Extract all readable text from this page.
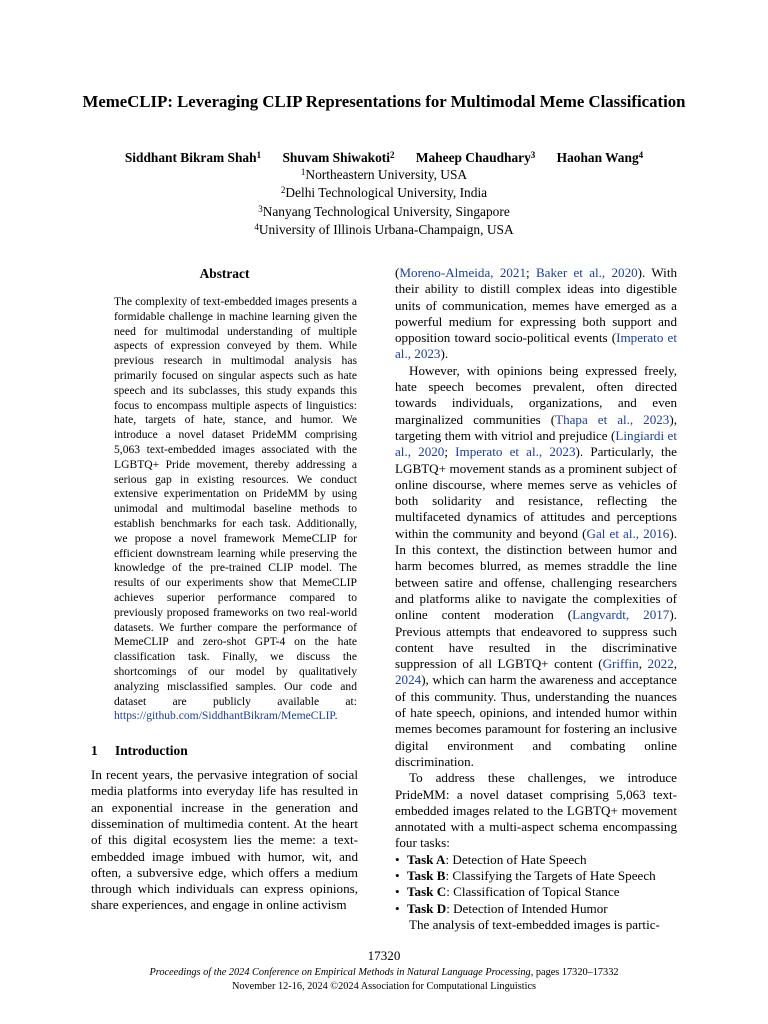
MemeCLIP: Leveraging CLIP Representations for Multimodal Meme Classification
Siddhant Bikram Shah$^1$ Shuvam Shiwakoti$^2$ Maheep Chaudhary$^3$ Haohan Wang$^4$
$^1$Northeastern University, USA
$^2$Delhi Technological University, India
$^3$Nanyang Technological University, Singapore
$^4$University of Illinois Urbana-Champaign, USA
Abstract

The complexity of text-embedded images presents a formidable challenge in machine learning given the need for multimodal understanding of multiple aspects of expression conveyed by them. While previous research in multimodal analysis has primarily focused on singular aspects such as hate speech and its subclasses, this study expands this focus to encompass multiple aspects of linguistics: hate, targets of hate, stance, and humor. We introduce a novel dataset PrideMM comprising 5,063 text-embedded images associated with the LGBTQ+ Pride movement, thereby addressing a serious gap in existing resources. We conduct extensive experimentation on PrideMM by using unimodal and multimodal baseline methods to establish benchmarks for each task. Additionally, we propose a novel framework MemeCLIP for efficient downstream learning while preserving the knowledge of the pre-trained CLIP model. The results of our experiments show that MemeCLIP achieves superior performance compared to previously proposed frameworks on two real-world datasets. We further compare the performance of MemeCLIP and zero-shot GPT-4 on the hate classification task. Finally, we discuss the shortcomings of our model by qualitatively analyzing misclassified samples. Our code and dataset are publicly available at: https://github.com/SiddhantBikram/MemeCLIP.

1 Introduction

In recent years, the pervasive integration of social media platforms into everyday life has resulted in an exponential increase in the generation and dissemination of multimedia content. At the heart of this digital ecosystem lies the meme: a text-embedded image imbued with humor, wit, and often, a subversive edge, which offers a medium through which individuals can express opinions, share experiences, and engage in online activism

(Moreno-Almeida, 2021; Baker et al., 2020). With their ability to distill complex ideas into digestible units of communication, memes have emerged as a powerful medium for expressing both support and opposition toward socio-political events (Imperato et al., 2023).

However, with opinions being expressed freely, hate speech becomes prevalent, often directed towards individuals, organizations, and even marginalized communities (Thapa et al., 2023), targeting them with vitriol and prejudice (Lingiardi et al., 2020; Imperato et al., 2023). Particularly, the LGBTQ+ movement stands as a prominent subject of online discourse, where memes serve as vehicles of both solidarity and resistance, reflecting the multifaceted dynamics of attitudes and perceptions within the community and beyond (Gal et al., 2016). In this context, the distinction between humor and harm becomes blurred, as memes straddle the line between satire and offense, challenging researchers and platforms alike to navigate the complexities of online content moderation (Langvardt, 2017). Previous attempts that endeavored to suppress such content have resulted in the discriminative suppression of all LGBTQ+ content (Griffin, 2022, 2024), which can harm the awareness and acceptance of this community. Thus, understanding the nuances of hate speech, opinions, and intended humor within memes becomes paramount for fostering an inclusive digital environment and combating online discrimination.

To address these challenges, we introduce PrideMM: a novel dataset comprising 5,063 text-embedded images related to the LGBTQ+ movement annotated with a multi-aspect schema encompassing four tasks:

• Task A: Detection of Hate Speech
• Task B: Classifying the Targets of Hate Speech
• Task C: Classification of Topical Stance
• Task D: Detection of Intended Humor

The analysis of text-embedded images is partic-

17320

Proceedings of the 2024 Conference on Empirical Methods in Natural Language Processing, pages 17320–17332

November 12-16, 2024 ©2024 Association for Computational Linguistics
